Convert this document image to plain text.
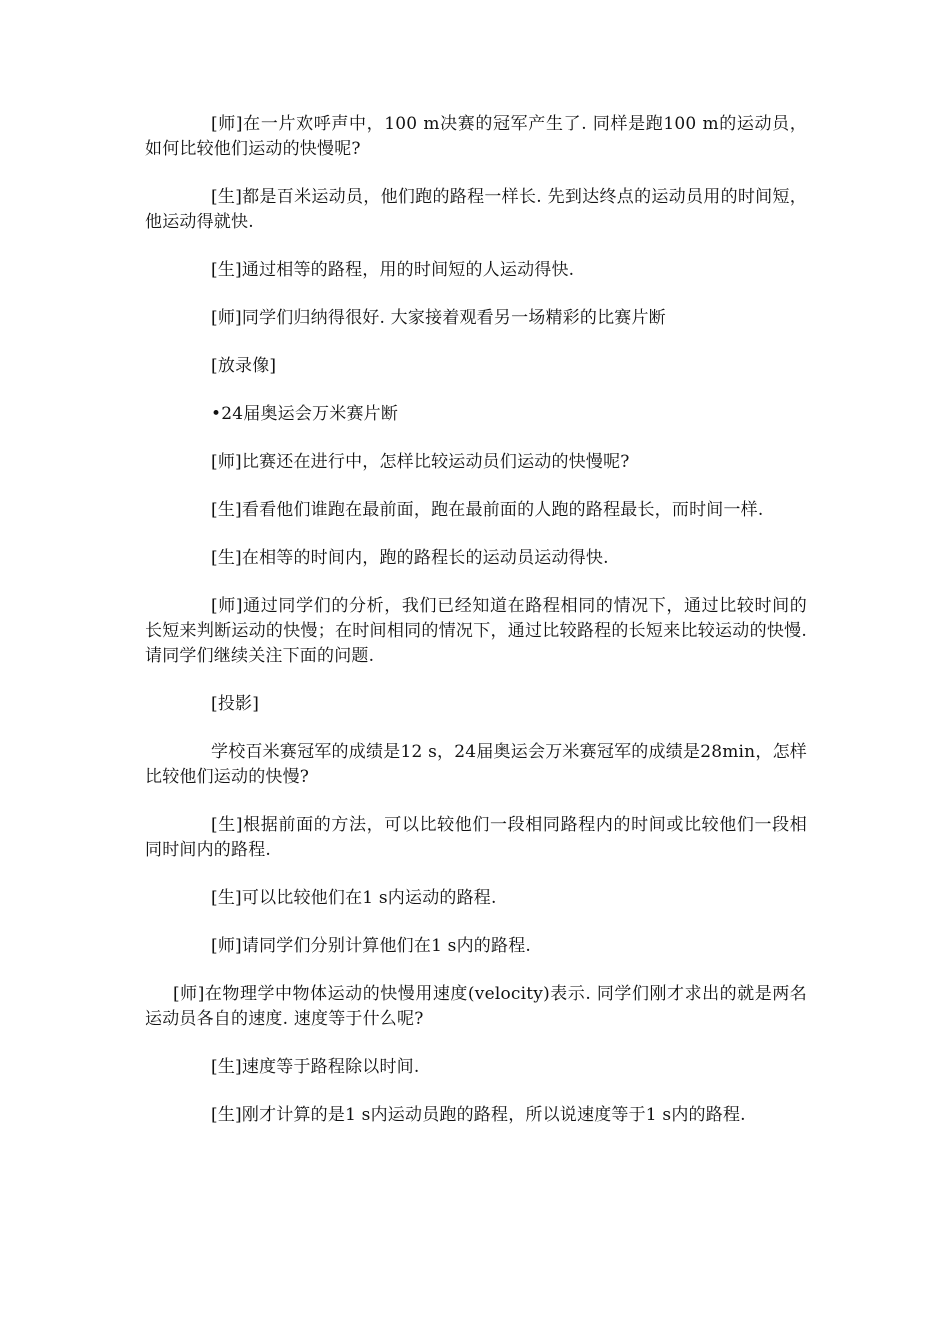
[师]在一片欢呼声中，100 m决赛的冠军产生了. 同样是跑100 m的运动员，如何比较他们运动的快慢呢?

[生]都是百米运动员，他们跑的路程一样长. 先到达终点的运动员用的时间短，他运动得就快.

[生]通过相等的路程，用的时间短的人运动得快.

[师]同学们归纳得很好. 大家接着观看另一场精彩的比赛片断

[放录像]

•24届奥运会万米赛片断

[师]比赛还在进行中，怎样比较运动员们运动的快慢呢?

[生]看看他们谁跑在最前面，跑在最前面的人跑的路程最长，而时间一样.

[生]在相等的时间内，跑的路程长的运动员运动得快.

[师]通过同学们的分析，我们已经知道在路程相同的情况下，通过比较时间的长短来判断运动的快慢；在时间相同的情况下，通过比较路程的长短来比较运动的快慢. 请同学们继续关注下面的问题.

[投影]

学校百米赛冠军的成绩是12 s，24届奥运会万米赛冠军的成绩是28min，怎样比较他们运动的快慢?

[生]根据前面的方法，可以比较他们一段相同路程内的时间或比较他们一段相同时间内的路程.

[生]可以比较他们在1 s内运动的路程.

[师]请同学们分别计算他们在1 s内的路程.

[师]在物理学中物体运动的快慢用速度(velocity)表示. 同学们刚才求出的就是两名运动员各自的速度. 速度等于什么呢?

[生]速度等于路程除以时间.

[生]刚才计算的是1 s内运动员跑的路程，所以说速度等于1 s内的路程.
